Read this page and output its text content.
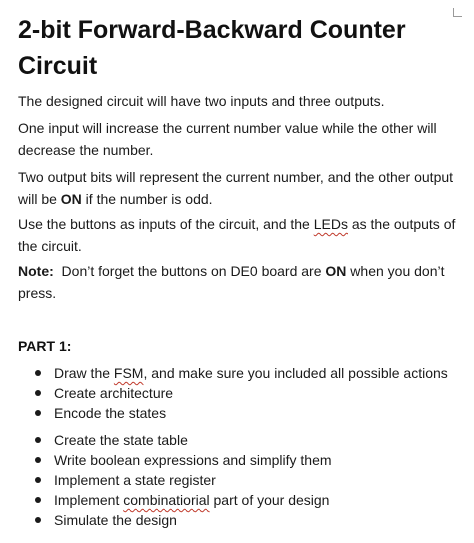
2-bit Forward-Backward Counter Circuit

The designed circuit will have two inputs and three outputs.

One input will increase the current number value while the other will decrease the number.

Two output bits will represent the current number, and the other output will be ON if the number is odd.

Use the buttons as inputs of the circuit, and the LEDs as the outputs of the circuit.

Note:  Don’t forget the buttons on DE0 board are ON when you don’t press.

PART 1:

Draw the FSM, and make sure you included all possible actions
Create architecture
Encode the states
Create the state table
Write boolean expressions and simplify them
Implement a state register
Implement combinatiorial part of your design
Simulate the design
